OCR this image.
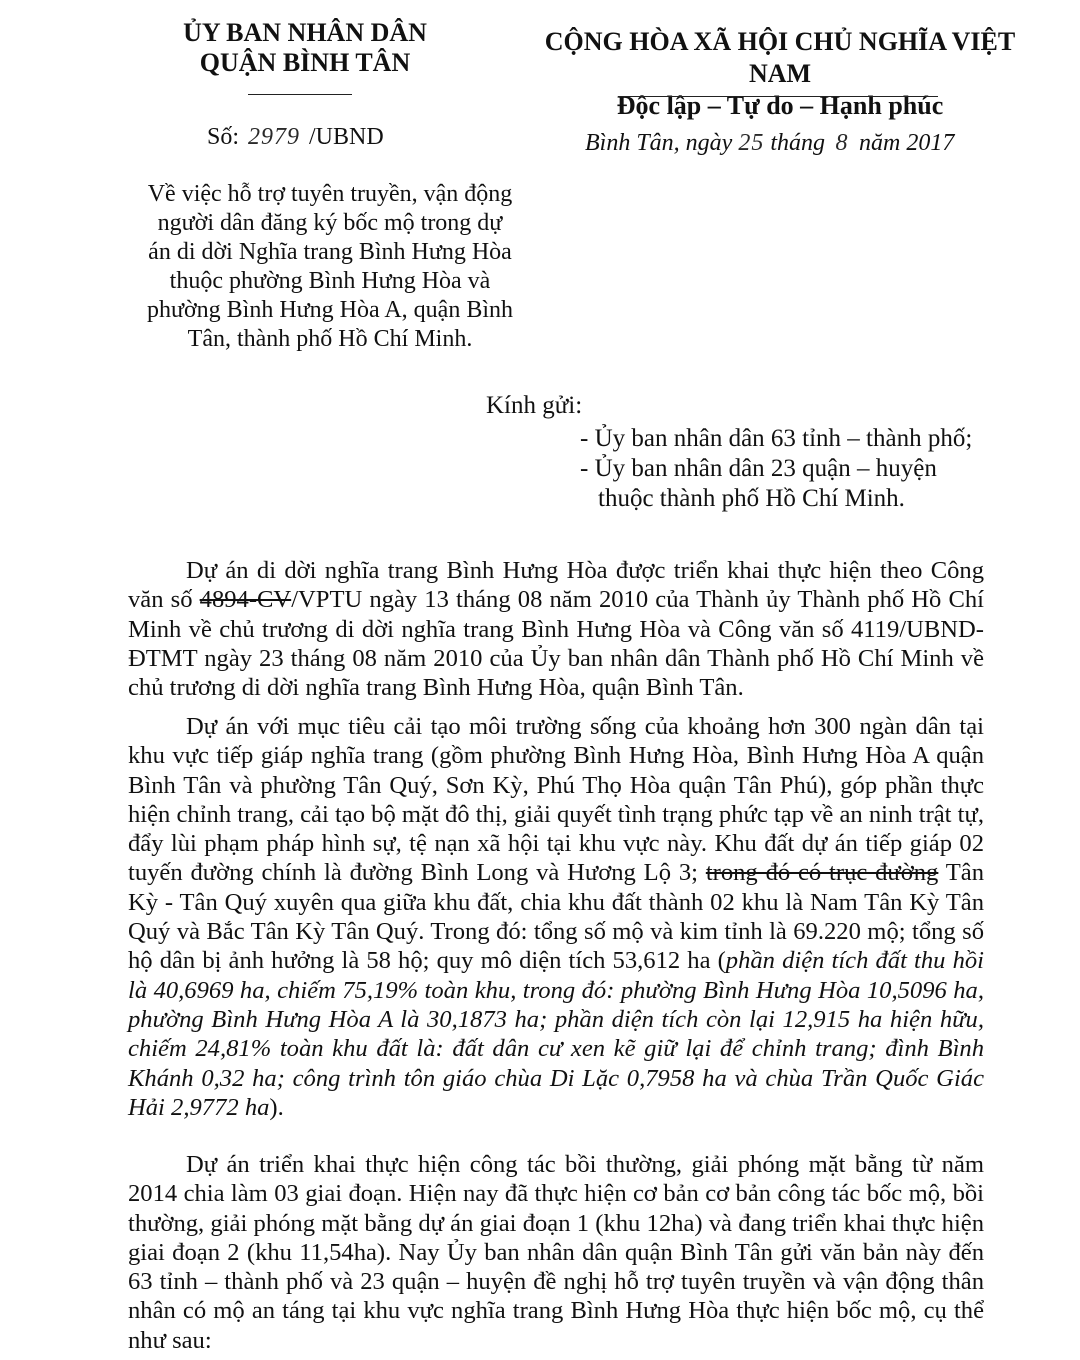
ỦY BAN NHÂN DÂN
QUẬN BÌNH TÂN
CỘNG HÒA XÃ HỘI CHỦ NGHĨA VIỆT NAM
Độc lập – Tự do – Hạnh phúc
Số: 2979 /UBND	Bình Tân, ngày 25 tháng 8 năm 2017
Về việc hỗ trợ tuyên truyền, vận động
người dân đăng ký bốc mộ trong dự
án di dời Nghĩa trang Bình Hưng Hòa
thuộc phường Bình Hưng Hòa và
phường Bình Hưng Hòa A, quận Bình
Tân, thành phố Hồ Chí Minh.
Kính gửi:
- Ủy ban nhân dân 63 tỉnh – thành phố;
- Ủy ban nhân dân 23 quận – huyện
thuộc thành phố Hồ Chí Minh.
Dự án di dời nghĩa trang Bình Hưng Hòa được triển khai thực hiện theo Công văn số 4894-CV/VPTU ngày 13 tháng 08 năm 2010 của Thành ủy Thành phố Hồ Chí Minh về chủ trương di dời nghĩa trang Bình Hưng Hòa và Công văn số 4119/UBND-ĐTMT ngày 23 tháng 08 năm 2010 của Ủy ban nhân dân Thành phố Hồ Chí Minh về chủ trương di dời nghĩa trang Bình Hưng Hòa, quận Bình Tân.
Dự án với mục tiêu cải tạo môi trường sống của khoảng hơn 300 ngàn dân tại khu vực tiếp giáp nghĩa trang (gồm phường Bình Hưng Hòa, Bình Hưng Hòa A quận Bình Tân và phường Tân Quý, Sơn Kỳ, Phú Thọ Hòa quận Tân Phú), góp phần thực hiện chỉnh trang, cải tạo bộ mặt đô thị, giải quyết tình trạng phức tạp về an ninh trật tự, đẩy lùi phạm pháp hình sự, tệ nạn xã hội tại khu vực này. Khu đất dự án tiếp giáp 02 tuyến đường chính là đường Bình Long và Hương Lộ 3; trong đó có trục đường Tân Kỳ - Tân Quý xuyên qua giữa khu đất, chia khu đất thành 02 khu là Nam Tân Kỳ Tân Quý và Bắc Tân Kỳ Tân Quý. Trong đó: tổng số mộ và kim tỉnh là 69.220 mộ; tổng số hộ dân bị ảnh hưởng là 58 hộ; quy mô diện tích 53,612 ha (phần diện tích đất thu hồi là 40,6969 ha, chiếm 75,19% toàn khu, trong đó: phường Bình Hưng Hòa 10,5096 ha, phường Bình Hưng Hòa A là 30,1873 ha; phần diện tích còn lại 12,915 ha hiện hữu, chiếm 24,81% toàn khu đất là: đất dân cư xen kẽ giữ lại để chỉnh trang; đình Bình Khánh 0,32 ha; công trình tôn giáo chùa Di Lặc 0,7958 ha và chùa Trần Quốc Giác Hải 2,9772 ha).
Dự án triển khai thực hiện công tác bồi thường, giải phóng mặt bằng từ năm 2014 chia làm 03 giai đoạn. Hiện nay đã thực hiện cơ bản cơ bản công tác bốc mộ, bồi thường, giải phóng mặt bằng dự án giai đoạn 1 (khu 12ha) và đang triển khai thực hiện giai đoạn 2 (khu 11,54ha). Nay Ủy ban nhân dân quận Bình Tân gửi văn bản này đến 63 tỉnh – thành phố và 23 quận – huyện đề nghị hỗ trợ tuyên truyền và vận động thân nhân có mộ an táng tại khu vực nghĩa trang Bình Hưng Hòa thực hiện bốc mộ, cụ thể như sau:
